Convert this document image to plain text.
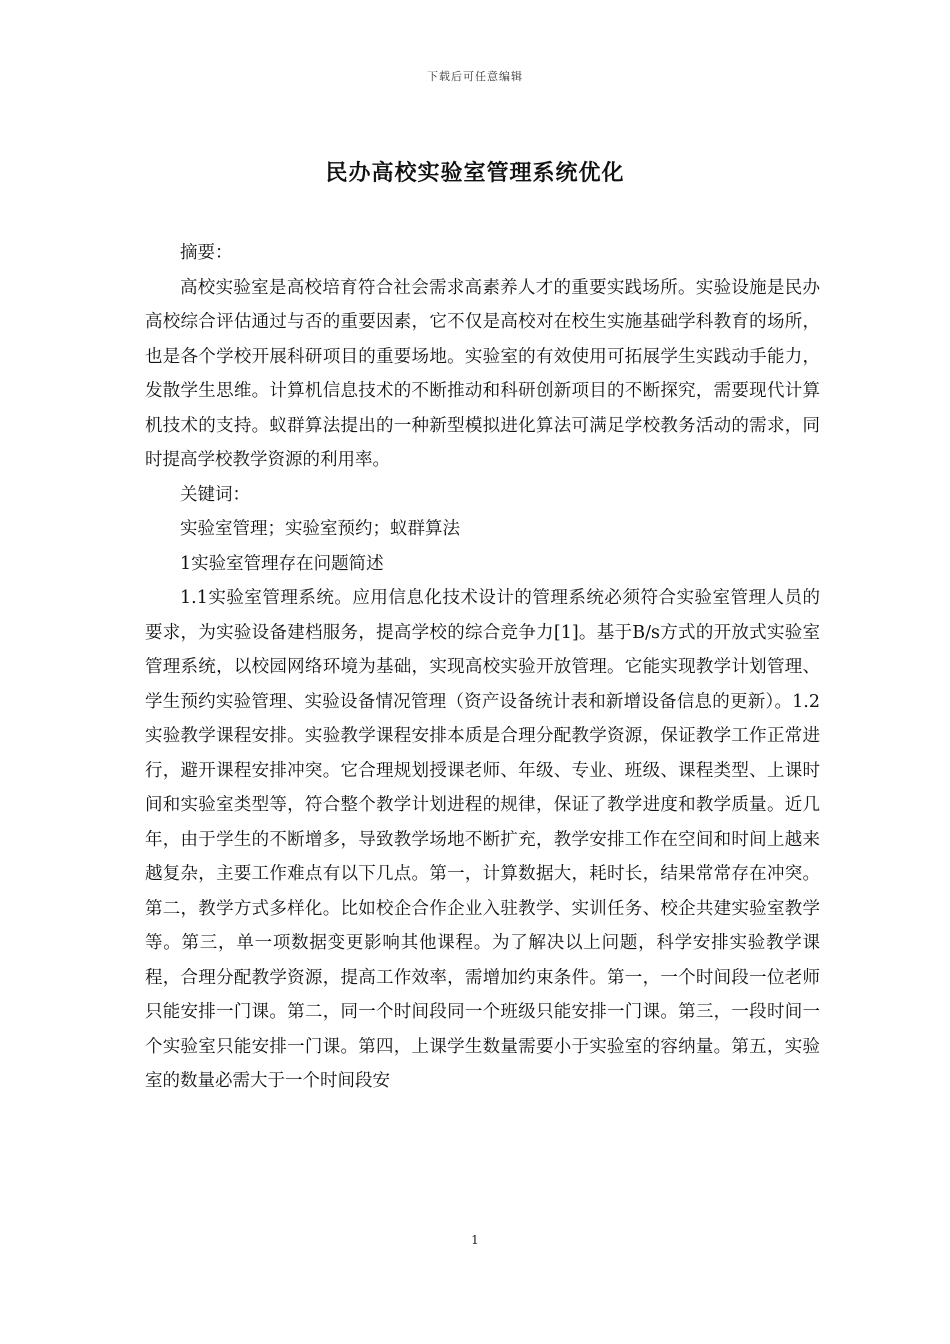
下载后可任意编辑
民办高校实验室管理系统优化

摘要：

高校实验室是高校培育符合社会需求高素养人才的重要实践场所。实验设施是民办高校综合评估通过与否的重要因素，它不仅是高校对在校生实施基础学科教育的场所，也是各个学校开展科研项目的重要场地。实验室的有效使用可拓展学生实践动手能力，发散学生思维。计算机信息技术的不断推动和科研创新项目的不断探究，需要现代计算机技术的支持。蚁群算法提出的一种新型模拟进化算法可满足学校教务活动的需求，同时提高学校教学资源的利用率。

关键词：

实验室管理；实验室预约；蚁群算法

1实验室管理存在问题简述

1.1实验室管理系统。应用信息化技术设计的管理系统必须符合实验室管理人员的要求，为实验设备建档服务，提高学校的综合竞争力[1]。基于B/s方式的开放式实验室管理系统，以校园网络环境为基础，实现高校实验开放管理。它能实现教学计划管理、学生预约实验管理、实验设备情况管理（资产设备统计表和新增设备信息的更新）。1.2实验教学课程安排。实验教学课程安排本质是合理分配教学资源，保证教学工作正常进行，避开课程安排冲突。它合理规划授课老师、年级、专业、班级、课程类型、上课时间和实验室类型等，符合整个教学计划进程的规律，保证了教学进度和教学质量。近几年，由于学生的不断增多，导致教学场地不断扩充，教学安排工作在空间和时间上越来越复杂，主要工作难点有以下几点。第一，计算数据大，耗时长，结果常常存在冲突。第二，教学方式多样化。比如校企合作企业入驻教学、实训任务、校企共建实验室教学等。第三，单一项数据变更影响其他课程。为了解决以上问题，科学安排实验教学课程，合理分配教学资源，提高工作效率，需增加约束条件。第一，一个时间段一位老师只能安排一门课。第二，同一个时间段同一个班级只能安排一门课。第三，一段时间一个实验室只能安排一门课。第四，上课学生数量需要小于实验室的容纳量。第五，实验室的数量必需大于一个时间段安

1
